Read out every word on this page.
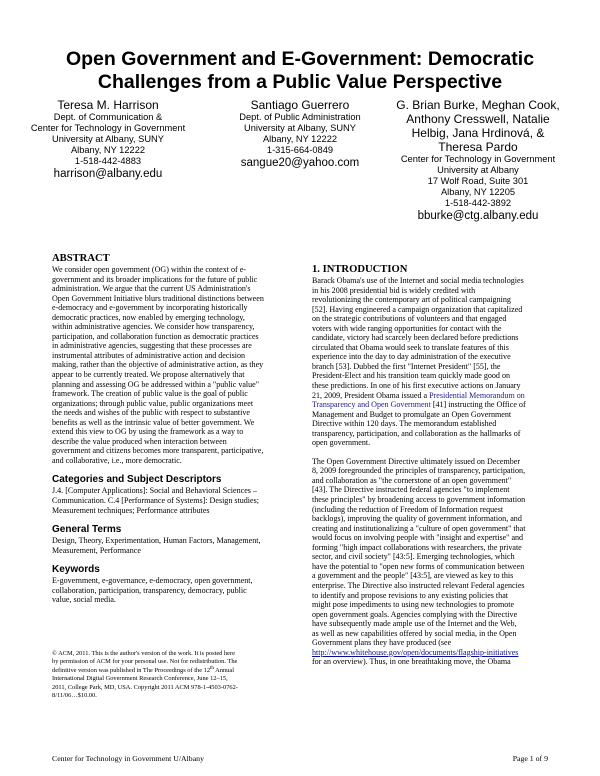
Open Government and E-Government: Democratic
Challenges from a Public Value Perspective
Teresa M. Harrison
Dept. of Communication &
Center for Technology in Government
University at Albany, SUNY
Albany, NY 12222
1-518-442-4883
harrison@albany.edu
Santiago Guerrero
Dept. of Public Administration
University at Albany, SUNY
Albany, NY 12222
1-315-664-0849
sangue20@yahoo.com
G. Brian Burke, Meghan Cook,
Anthony Cresswell, Natalie
Helbig, Jana Hrdinová, &
Theresa Pardo
Center for Technology in Government
University at Albany
17 Wolf Road, Suite 301
Albany, NY 12205
1-518-442-3892
bburke@ctg.albany.edu
ABSTRACT
We consider open government (OG) within the context of e-
government and its broader implications for the future of public
administration. We argue that the current US Administration's
Open Government Initiative blurs traditional distinctions between
e-democracy and e-government by incorporating historically
democratic practices, now enabled by emerging technology,
within administrative agencies. We consider how transparency,
participation, and collaboration function as democratic practices
in administrative agencies, suggesting that these processes are
instrumental attributes of administrative action and decision
making, rather than the objective of administrative action, as they
appear to be currently treated. We propose alternatively that
planning and assessing OG be addressed within a "public value"
framework. The creation of public value is the goal of public
organizations; through public value, public organizations meet
the needs and wishes of the public with respect to substantive
benefits as well as the intrinsic value of better government. We
extend this view to OG by using the framework as a way to
describe the value produced when interaction between
government and citizens becomes more transparent, participative,
and collaborative, i.e., more democratic.
Categories and Subject Descriptors
J.4. [Computer Applications]: Social and Behavioral Sciences –
Communication. C.4 [Performance of Systems]: Design studies;
Measurement techniques; Performance attributes
General Terms
Design, Theory, Experimentation, Human Factors, Management,
Measurement, Performance
Keywords
E-government, e-governance, e-democracy, open government,
collaboration, participation, transparency, democracy, public
value, social media.
© ACM, 2011. This is the author's version of the work. It is posted here
by permission of ACM for your personal use. Not for redistribution. The
definitive version was published in The Proceedings of the 12th Annual
International Digital Government Research Conference, June 12–15,
2011, College Park, MD, USA. Copyright 2011 ACM 978-1-4503-0762-
8/11/06…$10.00.
1. INTRODUCTION
Barack Obama's use of the Internet and social media technologies
in his 2008 presidential bid is widely credited with
revolutionizing the contemporary art of political campaigning
[52]. Having engineered a campaign organization that capitalized
on the strategic contributions of volunteers and that engaged
voters with wide ranging opportunities for contact with the
candidate, victory had scarcely been declared before predictions
circulated that Obama would seek to translate features of this
experience into the day to day administration of the executive
branch [53]. Dubbed the first "Internet President" [55], the
President-Elect and his transition team quickly made good on
these predictions. In one of his first executive actions on January
21, 2009, President Obama issued a Presidential Memorandum on
Transparency and Open Government [41] instructing the Office of
Management and Budget to promulgate an Open Government
Directive within 120 days. The memorandum established
transparency, participation, and collaboration as the hallmarks of
open government.
The Open Government Directive ultimately issued on December
8, 2009 foregrounded the principles of transparency, participation,
and collaboration as "the cornerstone of an open government"
[43]. The Directive instructed federal agencies "to implement
these principles" by broadening access to government information
(including the reduction of Freedom of Information request
backlogs), improving the quality of government information, and
creating and institutionalizing a "culture of open government" that
would focus on involving people with "insight and expertise" and
forming "high impact collaborations with researchers, the private
sector, and civil society" [43:5]. Emerging technologies, which
have the potential to "open new forms of communication between
a government and the people" [43:5], are viewed as key to this
enterprise. The Directive also instructed relevant Federal agencies
to identify and propose revisions to any existing policies that
might pose impediments to using new technologies to promote
open government goals. Agencies complying with the Directive
have subsequently made ample use of the Internet and the Web,
as well as new capabilities offered by social media, in the Open
Government plans they have produced (see
http://www.whitehouse.gov/open/documents/flagship-initiatives
for an overview). Thus, in one breathtaking move, the Obama
Center for Technology in Government U/Albany	Page 1 of 9
